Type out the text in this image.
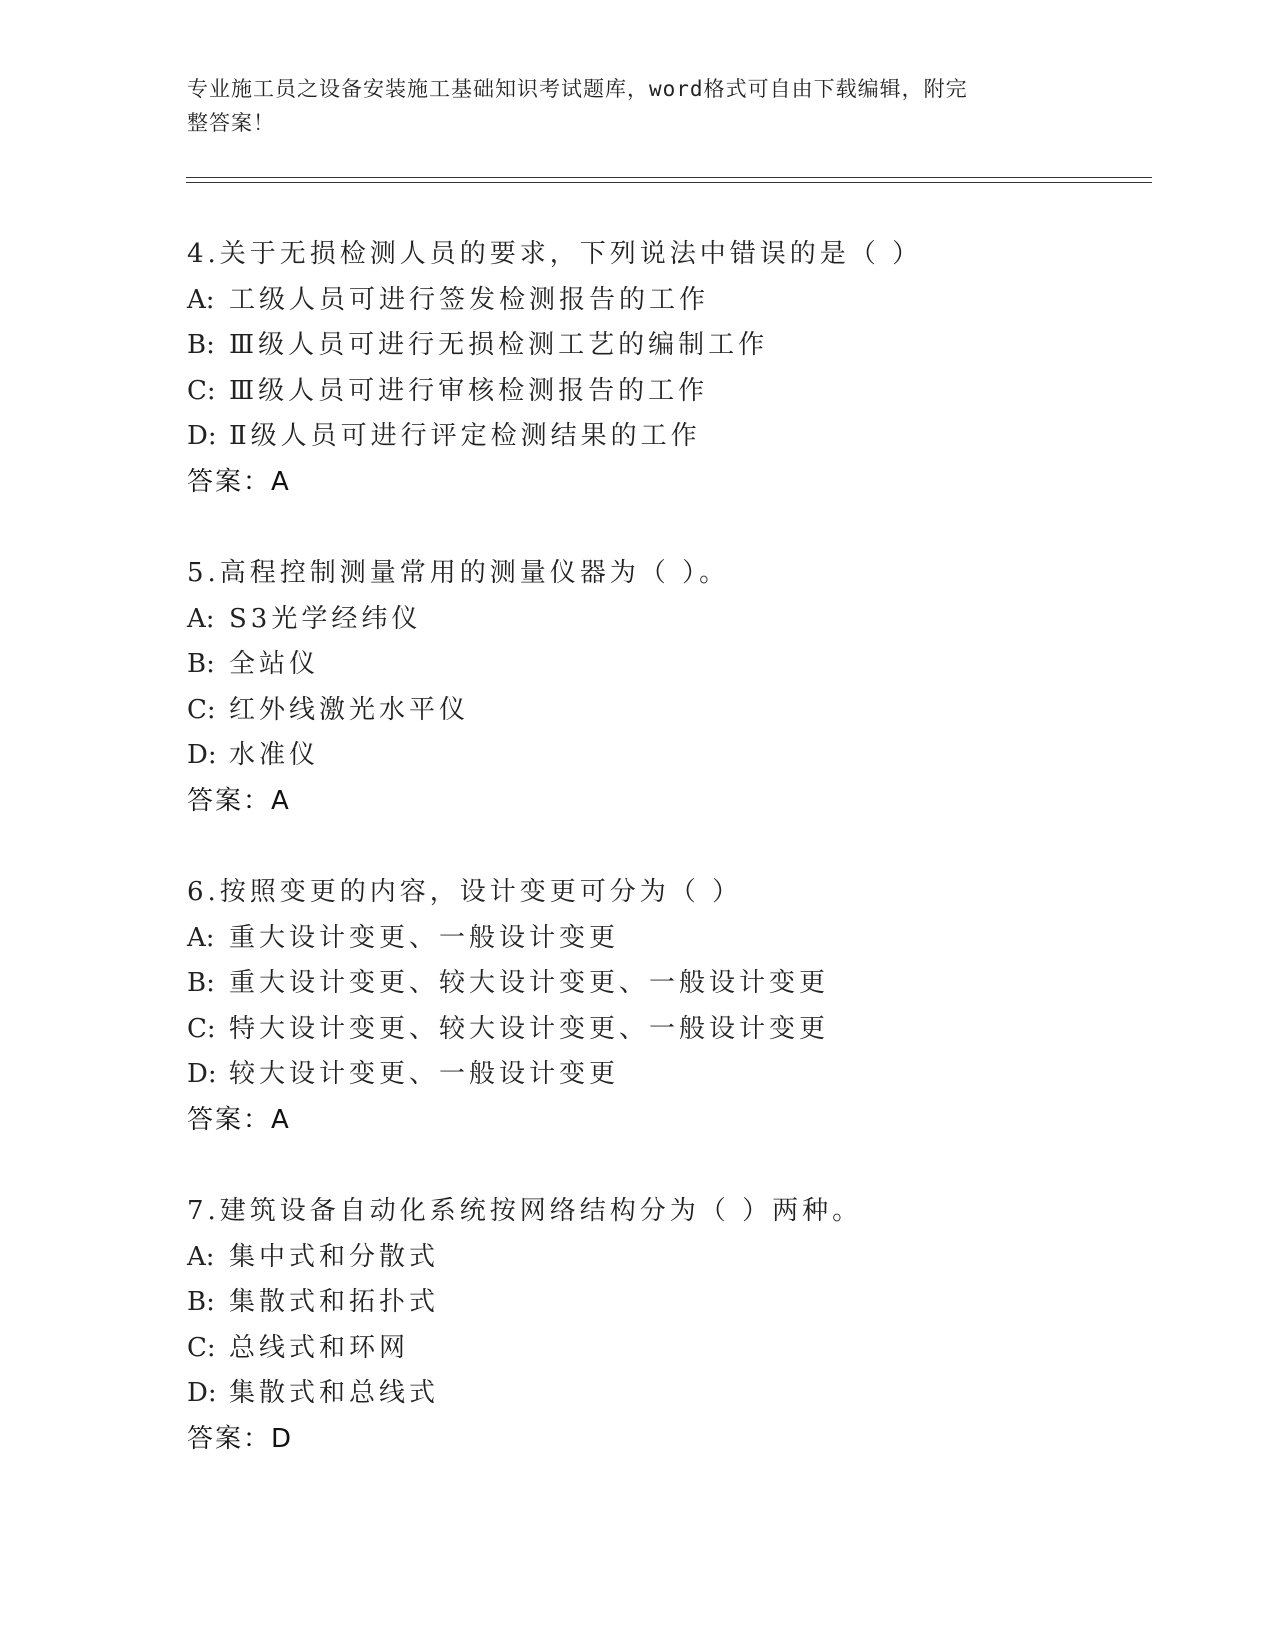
专业施工员之设备安装施工基础知识考试题库，word格式可自由下载编辑，附完
整答案！
4.关于无损检测人员的要求，下列说法中错误的是（ ）
A: 工级人员可进行签发检测报告的工作
B: Ⅲ级人员可进行无损检测工艺的编制工作
C: Ⅲ级人员可进行审核检测报告的工作
D: Ⅱ级人员可进行评定检测结果的工作
答案：A
5.高程控制测量常用的测量仪器为（ ）。
A: S3光学经纬仪
B: 全站仪
C: 红外线激光水平仪
D: 水准仪
答案：A
6.按照变更的内容，设计变更可分为（ ）
A: 重大设计变更、一般设计变更
B: 重大设计变更、较大设计变更、一般设计变更
C: 特大设计变更、较大设计变更、一般设计变更
D: 较大设计变更、一般设计变更
答案：A
7.建筑设备自动化系统按网络结构分为（ ）两种。
A: 集中式和分散式
B: 集散式和拓扑式
C: 总线式和环网
D: 集散式和总线式
答案：D
